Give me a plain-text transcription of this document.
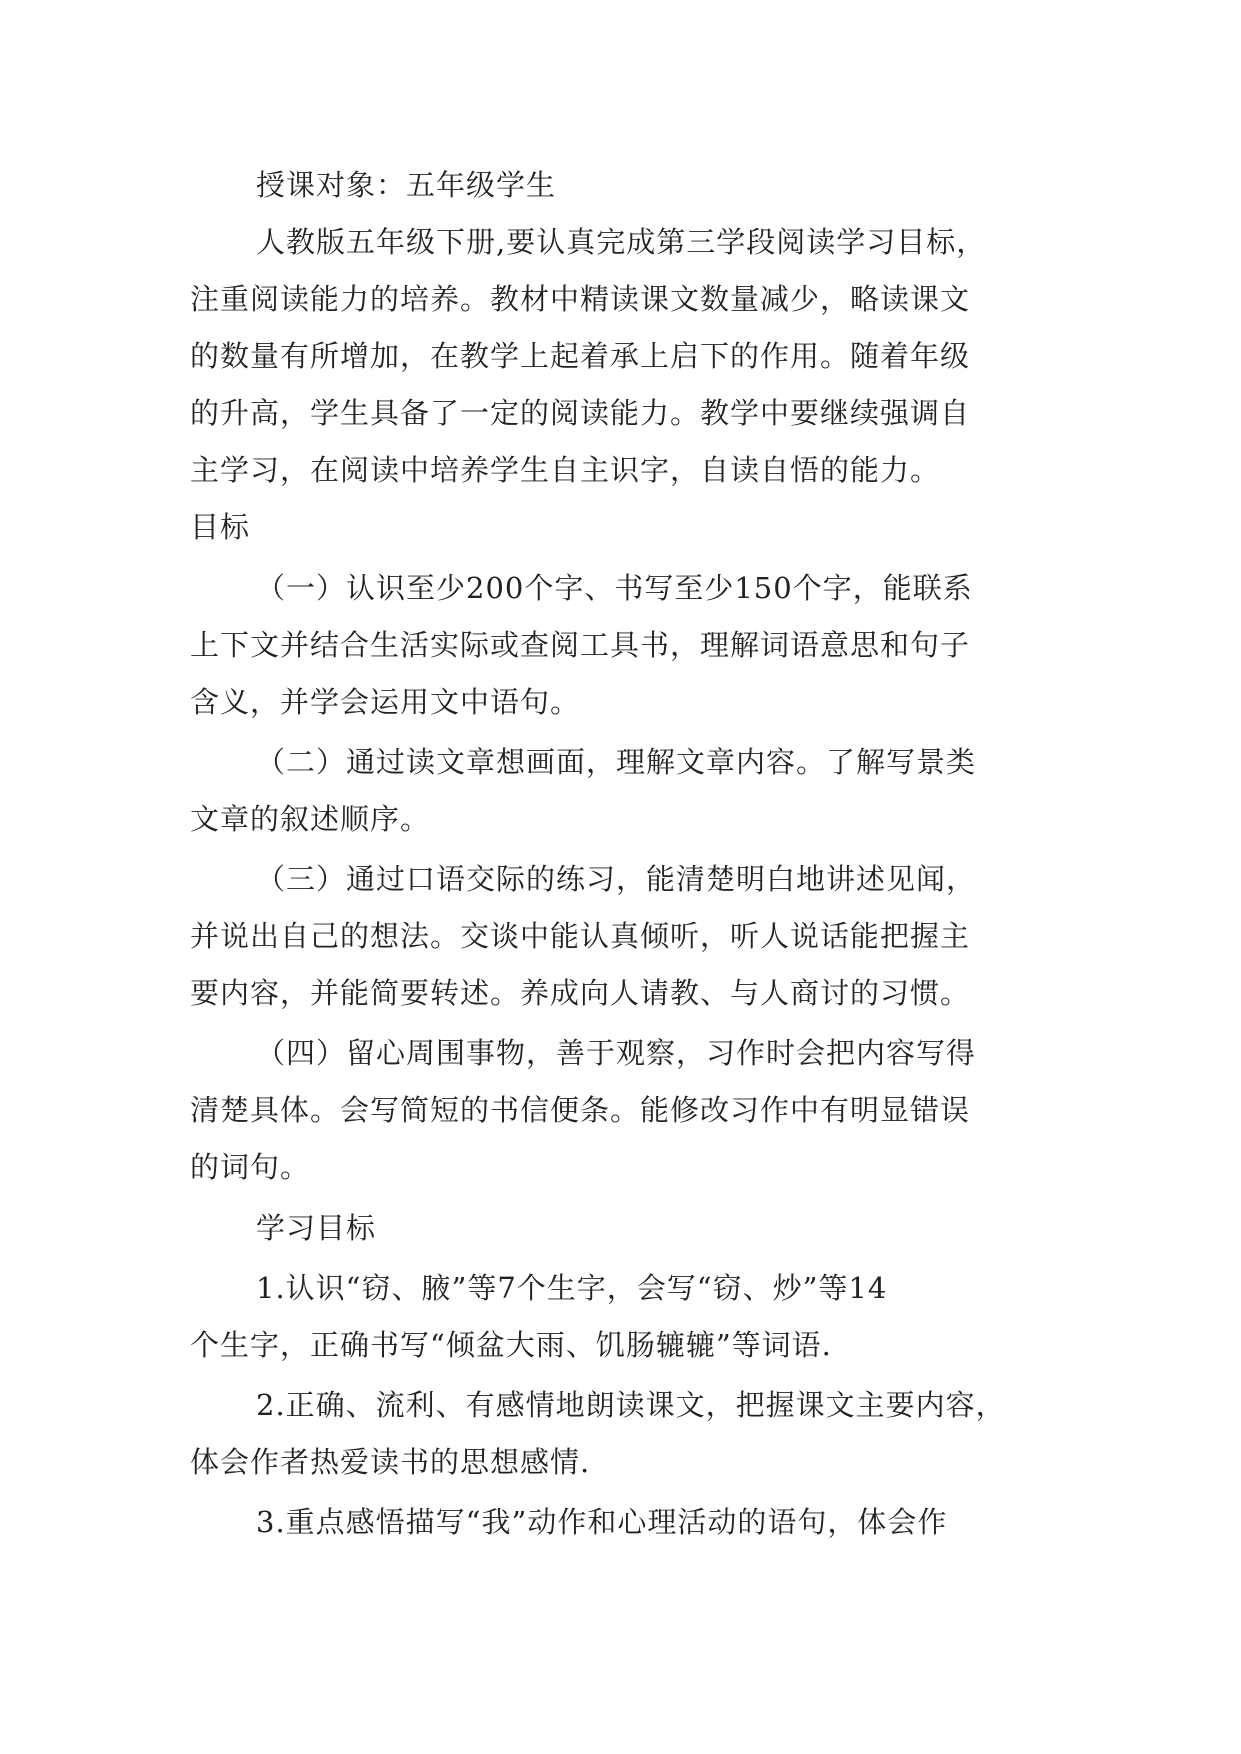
授课对象：五年级学生

人教版五年级下册,要认真完成第三学段阅读学习目标，

注重阅读能力的培养。教材中精读课文数量减少，略读课文

的数量有所增加，在教学上起着承上启下的作用。随着年级

的升高，学生具备了一定的阅读能力。教学中要继续强调自

主学习，在阅读中培养学生自主识字，自读自悟的能力。

目标

（一）认识至少200个字、书写至少150个字，能联系

上下文并结合生活实际或查阅工具书，理解词语意思和句子

含义，并学会运用文中语句。

（二）通过读文章想画面，理解文章内容。了解写景类

文章的叙述顺序。

（三）通过口语交际的练习，能清楚明白地讲述见闻，

并说出自己的想法。交谈中能认真倾听，听人说话能把握主

要内容，并能简要转述。养成向人请教、与人商讨的习惯。

（四）留心周围事物，善于观察，习作时会把内容写得

清楚具体。会写简短的书信便条。能修改习作中有明显错误

的词句。

学习目标

1.认识“窃、腋”等7个生字，会写“窃、炒”等14

个生字，正确书写“倾盆大雨、饥肠辘辘”等词语.

2.正确、流利、有感情地朗读课文，把握课文主要内容，

体会作者热爱读书的思想感情.

3.重点感悟描写“我”动作和心理活动的语句，体会作
